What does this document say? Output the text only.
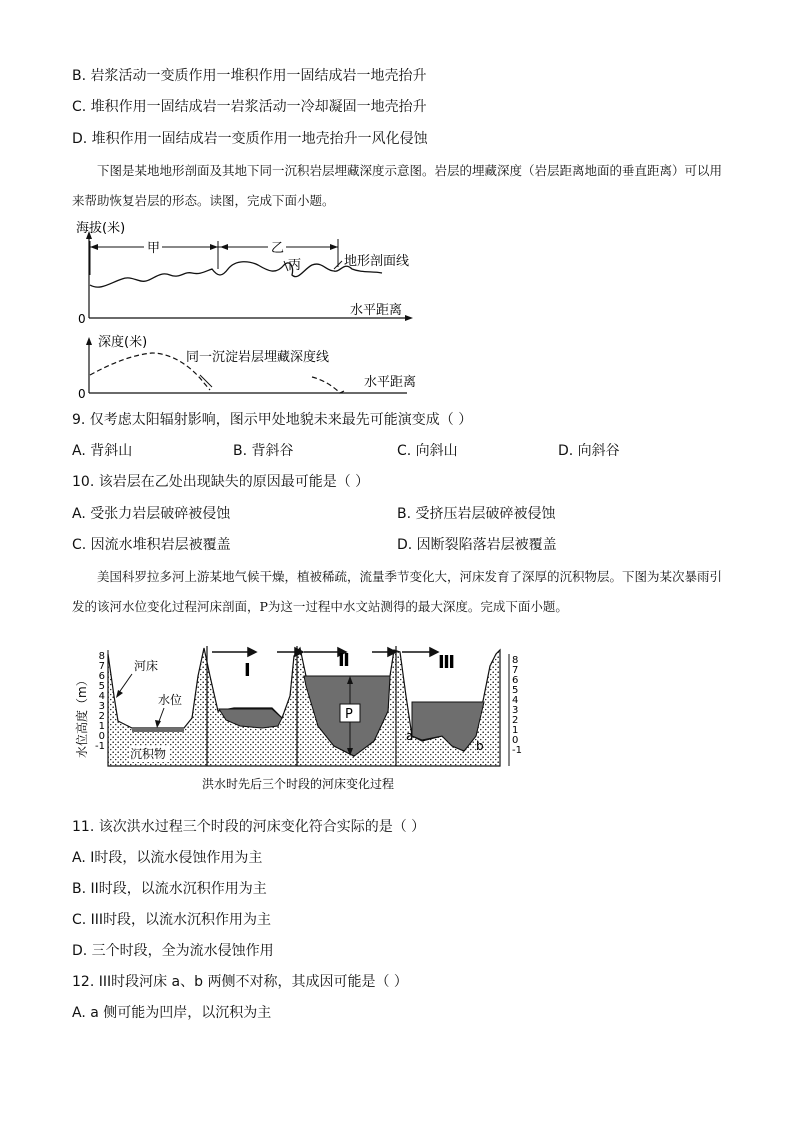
B. 岩浆活动一变质作用一堆积作用一固结成岩一地壳抬升
C. 堆积作用一固结成岩一岩浆活动一冷却凝固一地壳抬升
D. 堆积作用一固结成岩一变质作用一地壳抬升一风化侵蚀
下图是某地地形剖面及其地下同一沉积岩层埋藏深度示意图。岩层的埋藏深度（岩层距离地面的垂直距离）可以用来帮助恢复岩层的形态。读图，完成下面小题。
海拔(米)
0
甲	乙
丙	地形剖面线
水平距离
深度(米)
0
同一沉淀岩层埋藏深度线
水平距离
9. 仅考虑太阳辐射影响，图示甲处地貌未来最先可能演变成（ ）
A. 背斜山	B. 背斜谷	C. 向斜山	D. 向斜谷
10. 该岩层在乙处出现缺失的原因最可能是（ ）
A. 受张力岩层破碎被侵蚀	B. 受挤压岩层破碎被侵蚀
C. 因流水堆积岩层被覆盖	D. 因断裂陷落岩层被覆盖
美国科罗拉多河上游某地气候干燥，植被稀疏，流量季节变化大，河床发育了深厚的沉积物层。下图为某次暴雨引发的该河水位变化过程河床剖面，P为这一过程中水文站测得的最大深度。完成下面小题。
水位高度（m）
8
7
6
5
4
3
2
1
0
-1
8
7
6
5
4
3
2
1
0
-1
Ⅰ	Ⅱ	Ⅲ
P
a
b
河床
水位
沉积物
洪水时先后三个时段的河床变化过程
11. 该次洪水过程三个时段的河床变化符合实际的是（ ）
A. I时段，以流水侵蚀作用为主
B. II时段，以流水沉积作用为主
C. III时段，以流水沉积作用为主
D. 三个时段，全为流水侵蚀作用
12. III时段河床 a、b 两侧不对称，其成因可能是（ ）
A. a 侧可能为凹岸，以沉积为主
